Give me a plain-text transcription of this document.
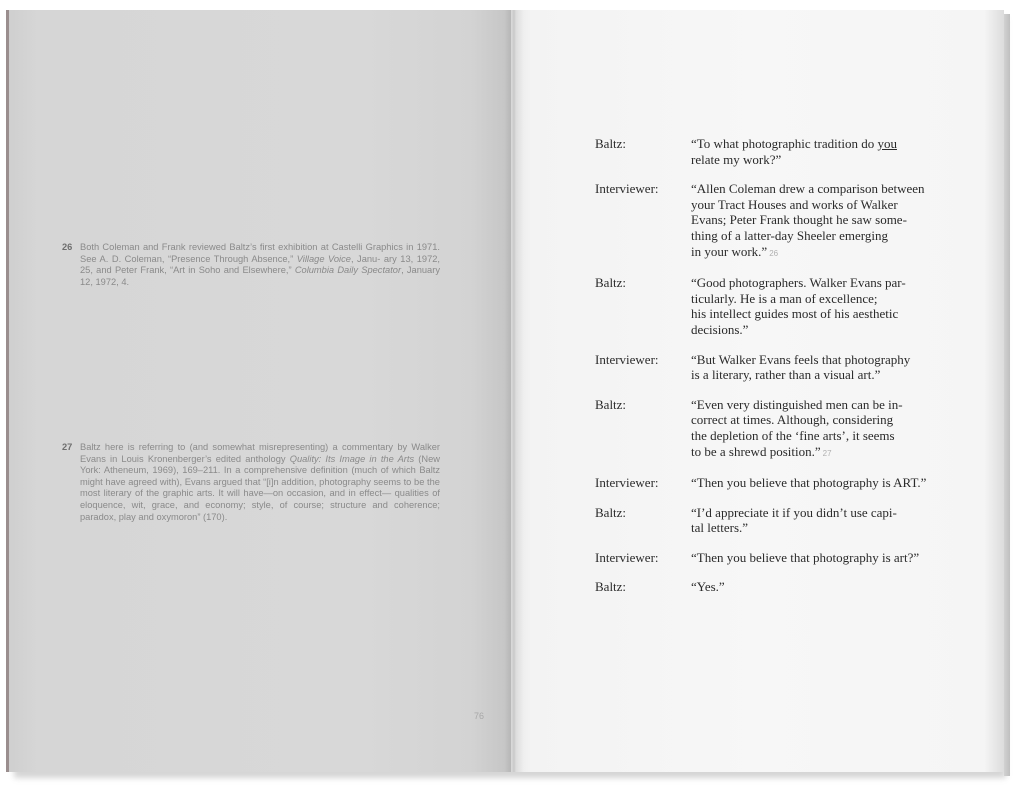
26 Both Coleman and Frank reviewed Baltz’s first exhibition at Castelli Graphics in 1971. See A. D. Coleman, “Presence Through Absence,” Village Voice, Janu- ary 13, 1972, 25, and Peter Frank, “Art in Soho and Elsewhere,” Columbia Daily Spectator, January 12, 1972, 4.
27 Baltz here is referring to (and somewhat misrepresenting) a commentary by Walker Evans in Louis Kronenberger’s edited anthology Quality: Its Image in the Arts (New York: Atheneum, 1969), 169–211. In a comprehensive definition (much of which Baltz might have agreed with), Evans argued that “[i]n addition, photography seems to be the most literary of the graphic arts. It will have—on occasion, and in effect— qualities of eloquence, wit, grace, and economy; style, of course; structure and coherence; paradox, play and oxymoron” (170).
76
Baltz:	“To what photographic tradition do you
relate my work?”
Interviewer:	“Allen Coleman drew a comparison between
your Tract Houses and works of Walker
Evans; Peter Frank thought he saw some-
thing of a latter-day Sheeler emerging
in your work.” 26
Baltz:	“Good photographers. Walker Evans par-
ticularly. He is a man of excellence;
his intellect guides most of his aesthetic
decisions.”
Interviewer:	“But Walker Evans feels that photography
is a literary, rather than a visual art.”
Baltz:	“Even very distinguished men can be in-
correct at times. Although, considering
the depletion of the ‘fine arts’, it seems
to be a shrewd position.” 27
Interviewer:	“Then you believe that photography is ART.”
Baltz:	“I’d appreciate it if you didn’t use capi-
tal letters.”
Interviewer:	“Then you believe that photography is art?”
Baltz:	“Yes.”
